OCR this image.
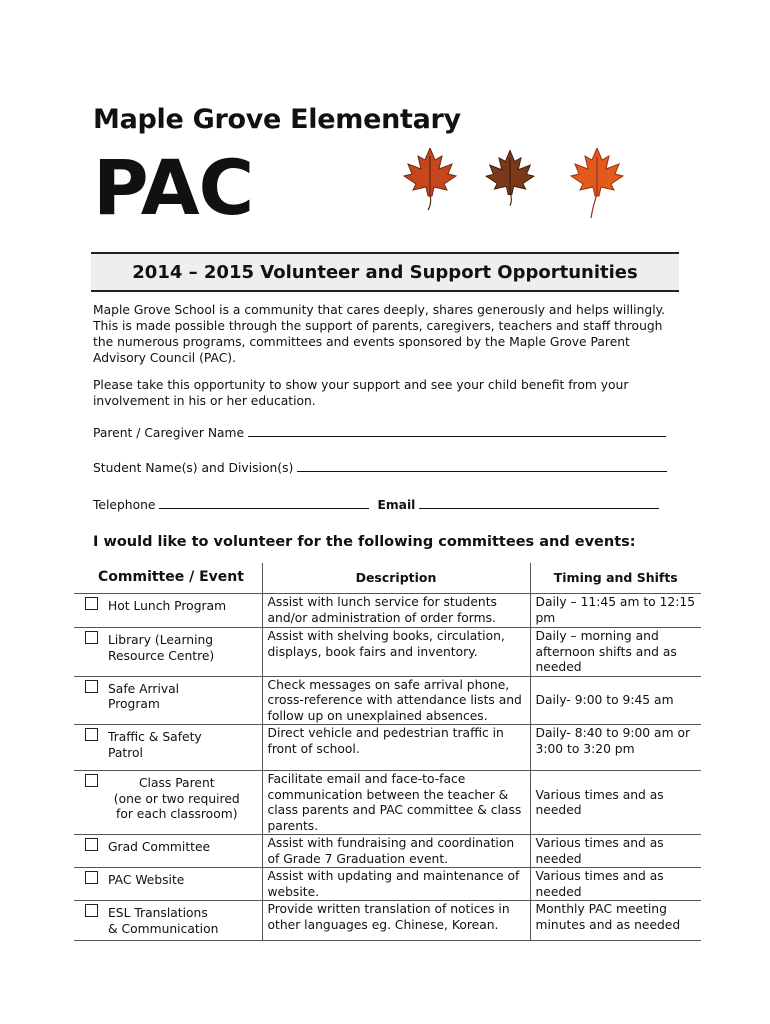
Maple Grove Elementary
PAC
2014 – 2015 Volunteer and Support Opportunities

Maple Grove School is a community that cares deeply, shares generously and helps willingly. This is made possible through the support of parents, caregivers, teachers and staff through the numerous programs, committees and events sponsored by the Maple Grove Parent Advisory Council (PAC).

Please take this opportunity to show your support and see your child benefit from your involvement in his or her education.

Parent / Caregiver Name
Student Name(s) and Division(s)
Telephone	Email
I would like to volunteer for the following committees and events:
Committee / Event	Description	Timing and Shifts

Hot Lunch Program	Assist with lunch service for students and/or administration of order forms.	Daily – 11:45 am to 12:15 pm

Library (Learning
Resource Centre)	Assist with shelving books, circulation, displays, book fairs and inventory.	Daily – morning and afternoon shifts and as needed

Safe Arrival
Program	Check messages on safe arrival phone, cross-reference with attendance lists and follow up on unexplained absences.	Daily- 9:00 to 9:45 am

Traffic & Safety
Patrol	Direct vehicle and pedestrian traffic in front of school.	Daily- 8:40 to 9:00 am or 3:00 to 3:20 pm

Class Parent
(one or two required
for each classroom)	Facilitate email and face-to-face communication between the teacher & class parents and PAC committee & class parents.	Various times and as needed

Grad Committee	Assist with fundraising and coordination of Grade 7 Graduation event.	Various times and as needed

PAC Website	Assist with updating and maintenance of website.	Various times and as needed

ESL Translations
& Communication	Provide written translation of notices in other languages eg. Chinese, Korean.	Monthly PAC meeting minutes and as needed
